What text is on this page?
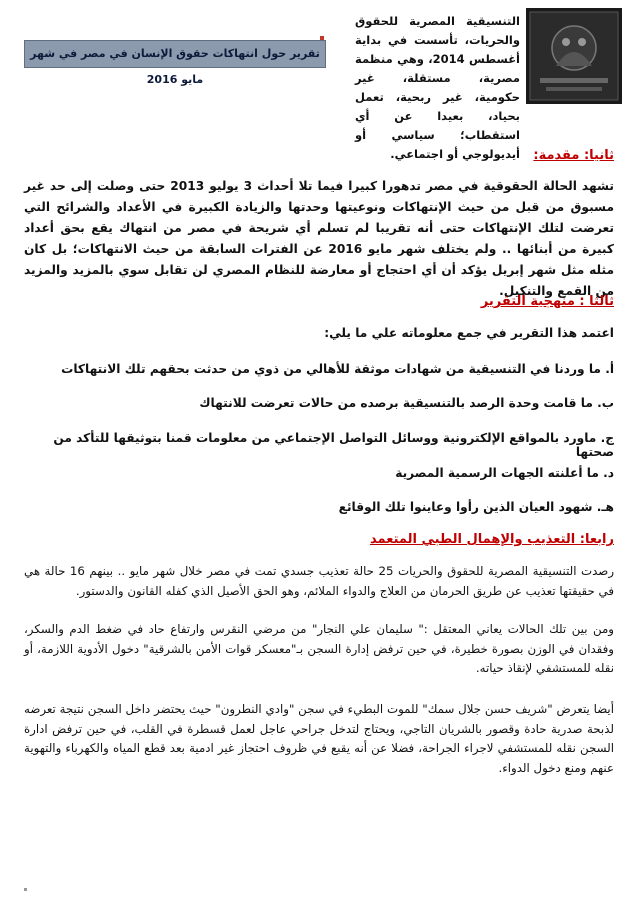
التنسيقية المصرية للحقوق والحريات، تأسست في بداية أغسطس 2014، وهي منظمة مصرية، مستقلة، غير حكومية، غير ربحية، تعمل بحياد، بعيدا عن أي استقطاب؛ سياسي أو أيديولوجي أو اجتماعي.
تقرير حول انتهاكات حقوق الإنسان في مصر في شهر مايو 2016
ثانيا: مقدمة:
تشهد الحالة الحقوقية في مصر تدهورا كبيرا فيما تلا أحداث 3 يوليو 2013 حتى وصلت إلى حد غير مسبوق من قبل من حيث الإنتهاكات ونوعيتها وحدتها والزيادة الكبيرة في الأعداد والشرائح التي تعرضت لتلك الإنتهاكات حتى أنه تقريبا لم تسلم أي شريحة في مصر من انتهاك يقع بحق أعداد كبيرة من أبنائها .. ولم يختلف شهر مايو 2016 عن الفترات السابقة من حيث الانتهاكات؛ بل كان مثله مثل شهر إبريل يؤكد أن أي احتجاج أو معارضة للنظام المصري لن تقابل سوي بالمزيد والمزيد من القمع والتنكيل.
ثالثا : منهجية التقرير
اعتمد هذا التقرير في جمع معلوماته علي ما يلي:
أ. ما وردنا في التنسيقية من شهادات موثقة للأهالي من ذوي من حدثت بحقهم تلك الانتهاكات
ب. ما قامت وحدة الرصد بالتنسيقية برصده من حالات تعرضت للانتهاك
ج. ماورد بالمواقع الإلكترونية ووسائل التواصل الإجتماعي من معلومات قمنا بتوثيقها للتأكد من صحتها
د. ما أعلنته الجهات الرسمية المصرية
هـ. شهود العيان الذين رأوا وعاينوا تلك الوقائع
رابعا: التعذيب والإهمال الطبي المتعمد
رصدت التنسيقية المصرية للحقوق والحريات 25 حالة تعذيب جسدي تمت في مصر خلال شهر مايو .. بينهم 16 حالة هي في حقيقتها تعذيب عن طريق الحرمان من العلاج والدواء الملائم، وهو الحق الأصيل الذي كفله القانون والدستور.
ومن بين تلك الحالات يعاني المعتقل :" سليمان علي النجار" من مرضي النقرس وارتفاع حاد في ضغط الدم والسكر، وفقدان في الوزن بصورة خطيرة، في حين ترفض إدارة السجن بـ"معسكر قوات الأمن بالشرقية" دخول الأدوية اللازمة، أو نقله للمستشفي لإنقاذ حياته.
أيضا يتعرض "شريف حسن جلال سمك" للموت البطيء في سجن "وادي النطرون" حيث يحتضر داخل السجن نتيجة تعرضه لذبحة صدرية حادة وقصور بالشريان التاجي، ويحتاج لتدخل جراحي عاجل لعمل قسطرة في القلب، في حين ترفض ادارة السجن نقله للمستشفي لاجراء الجراحة، فضلا عن أنه يقبع في ظروف احتجاز غير ادمية بعد قطع المياه والكهرباء والتهوية عنهم ومنع دخول الدواء.
